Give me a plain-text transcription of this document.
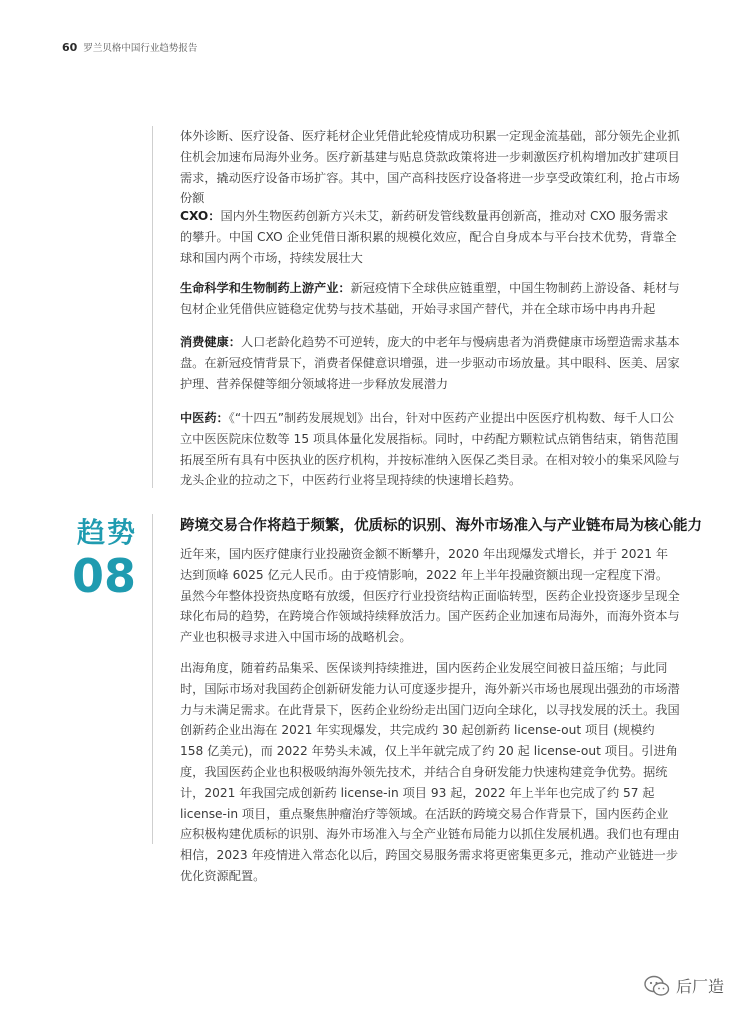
60 罗兰贝格中国行业趋势报告

体外诊断、医疗设备、医疗耗材企业凭借此轮疫情成功积累一定现金流基础，部分领先企业抓住机会加速布局海外业务。医疗新基建与贴息贷款政策将进一步刺激医疗机构增加改扩建项目需求，撬动医疗设备市场扩容。其中，国产高科技医疗设备将进一步享受政策红利，抢占市场份额

CXO：国内外生物医药创新方兴未艾，新药研发管线数量再创新高，推动对 CXO 服务需求的攀升。中国 CXO 企业凭借日渐积累的规模化效应，配合自身成本与平台技术优势，背靠全球和国内两个市场，持续发展壮大
生命科学和生物制药上游产业：新冠疫情下全球供应链重塑，中国生物制药上游设备、耗材与包材企业凭借供应链稳定优势与技术基础，开始寻求国产替代，并在全球市场中冉冉升起
消费健康：人口老龄化趋势不可逆转，庞大的中老年与慢病患者为消费健康市场塑造需求基本盘。在新冠疫情背景下，消费者保健意识增强，进一步驱动市场放量。其中眼科、医美、居家护理、营养保健等细分领域将进一步释放发展潜力
中医药：《“十四五”制药发展规划》出台，针对中医药产业提出中医医疗机构数、每千人口公立中医医院床位数等 15 项具体量化发展指标。同时，中药配方颗粒试点销售结束，销售范围拓展至所有具有中医执业的医疗机构，并按标准纳入医保乙类目录。在相对较小的集采风险与龙头企业的拉动之下，中医药行业将呈现持续的快速增长趋势。
趋势
08
跨境交易合作将趋于频繁，优质标的识别、海外市场准入与产业链布局为核心能力

近年来，国内医疗健康行业投融资金额不断攀升，2020 年出现爆发式增长，并于 2021 年达到顶峰 6025 亿元人民币。由于疫情影响，2022 年上半年投融资额出现一定程度下滑。虽然今年整体投资热度略有放缓，但医疗行业投资结构正面临转型，医药企业投资逐步呈现全球化布局的趋势，在跨境合作领域持续释放活力。国产医药企业加速布局海外，而海外资本与产业也积极寻求进入中国市场的战略机会。

出海角度，随着药品集采、医保谈判持续推进，国内医药企业发展空间被日益压缩；与此同时，国际市场对我国药企创新研发能力认可度逐步提升，海外新兴市场也展现出强劲的市场潜力与未满足需求。在此背景下，医药企业纷纷走出国门迈向全球化，以寻找发展的沃土。我国创新药企业出海在 2021 年实现爆发，共完成约 30 起创新药 license-out 项目 (规模约 158 亿美元)，而 2022 年势头未减，仅上半年就完成了约 20 起 license-out 项目。引进角度，我国医药企业也积极吸纳海外领先技术，并结合自身研发能力快速构建竞争优势。据统计，2021 年我国完成创新药 license-in 项目 93 起，2022 年上半年也完成了约 57 起 license-in 项目，重点聚焦肿瘤治疗等领域。在活跃的跨境交易合作背景下，国内医药企业应积极构建优质标的识别、海外市场准入与全产业链布局能力以抓住发展机遇。我们也有理由相信，2023 年疫情进入常态化以后，跨国交易服务需求将更密集更多元，推动产业链进一步优化资源配置。

后厂造
